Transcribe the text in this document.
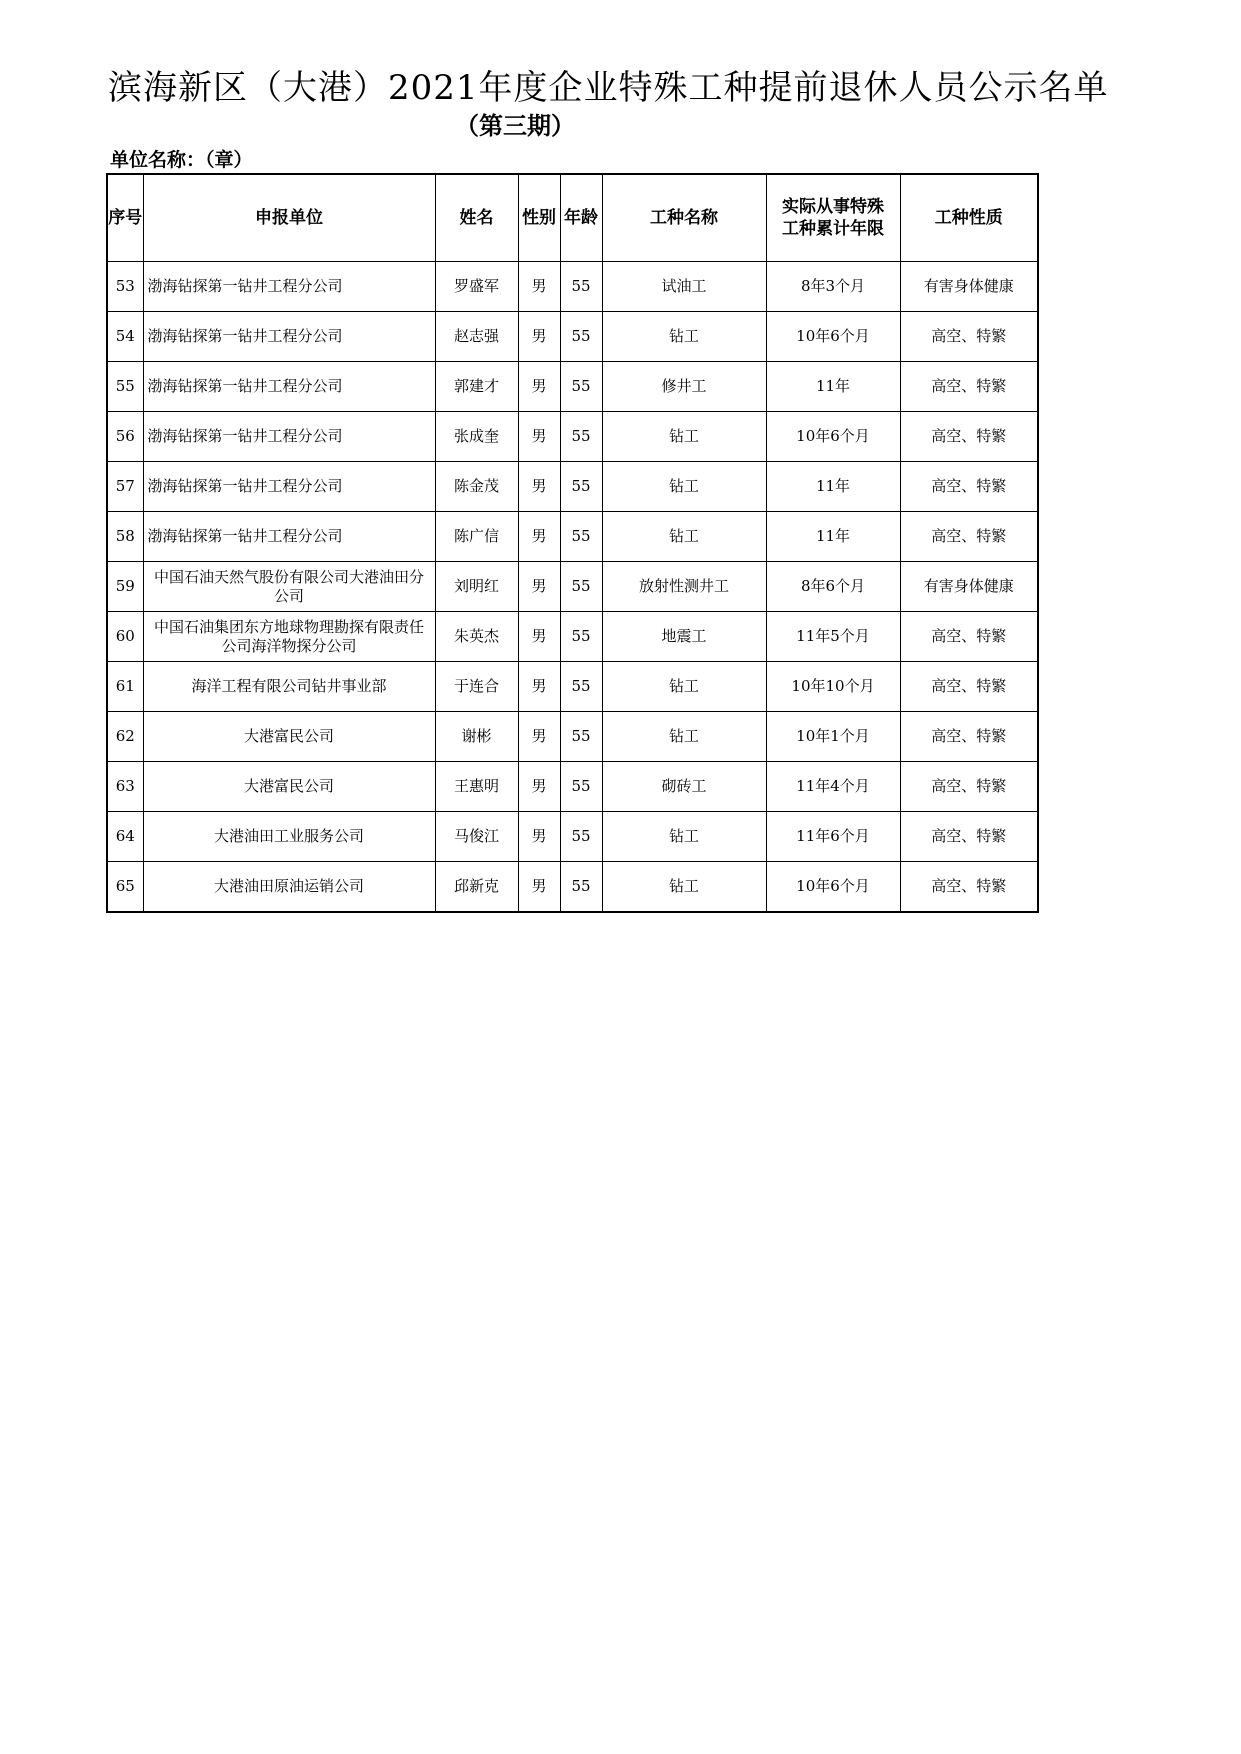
滨海新区（大港）2021年度企业特殊工种提前退休人员公示名单
（第三期）
单位名称：（章）
序号	申报单位	姓名	性别	年龄	工种名称	实际从事特殊工种累计年限	工种性质
53	渤海钻探第一钻井工程分公司	罗盛军	男	55	试油工	8年3个月	有害身体健康
54	渤海钻探第一钻井工程分公司	赵志强	男	55	钻工	10年6个月	高空、特繁
55	渤海钻探第一钻井工程分公司	郭建才	男	55	修井工	11年	高空、特繁
56	渤海钻探第一钻井工程分公司	张成奎	男	55	钻工	10年6个月	高空、特繁
57	渤海钻探第一钻井工程分公司	陈金茂	男	55	钻工	11年	高空、特繁
58	渤海钻探第一钻井工程分公司	陈广信	男	55	钻工	11年	高空、特繁
59	中国石油天然气股份有限公司大港油田分公司	刘明红	男	55	放射性测井工	8年6个月	有害身体健康
60	中国石油集团东方地球物理勘探有限责任公司海洋物探分公司	朱英杰	男	55	地震工	11年5个月	高空、特繁
61	海洋工程有限公司钻井事业部	于连合	男	55	钻工	10年10个月	高空、特繁
62	大港富民公司	谢彬	男	55	钻工	10年1个月	高空、特繁
63	大港富民公司	王惠明	男	55	砌砖工	11年4个月	高空、特繁
64	大港油田工业服务公司	马俊江	男	55	钻工	11年6个月	高空、特繁
65	大港油田原油运销公司	邱新克	男	55	钻工	10年6个月	高空、特繁
